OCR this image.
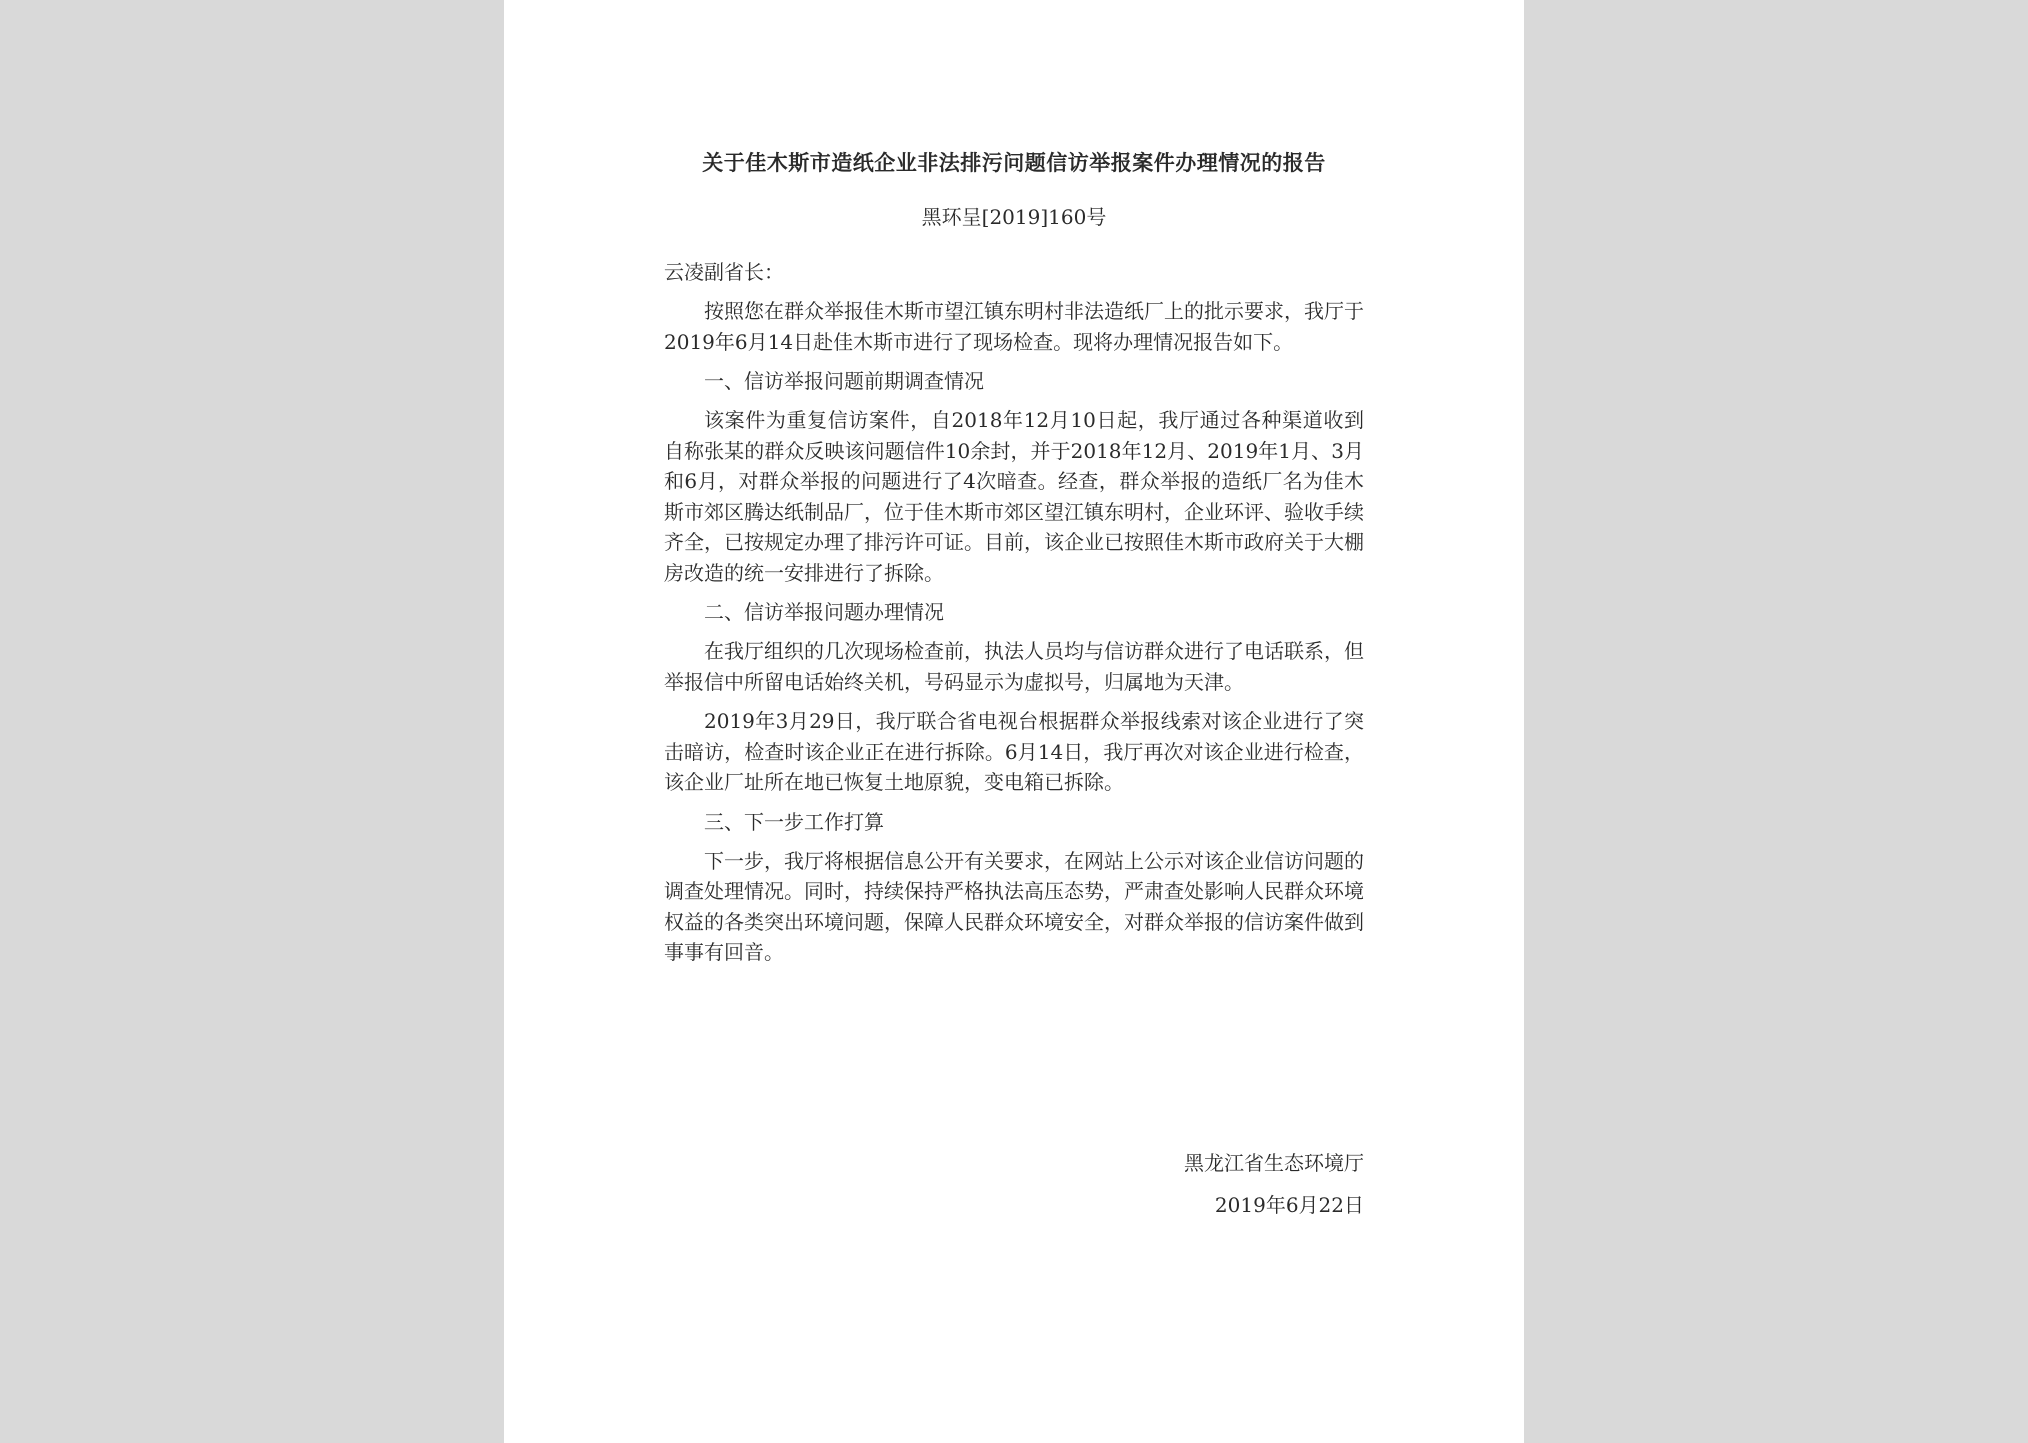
关于佳木斯市造纸企业非法排污问题信访举报案件办理情况的报告

黑环呈[2019]160号

云凌副省长：

按照您在群众举报佳木斯市望江镇东明村非法造纸厂上的批示要求，我厅于2019年6月14日赴佳木斯市进行了现场检查。现将办理情况报告如下。

一、信访举报问题前期调查情况

该案件为重复信访案件，自2018年12月10日起，我厅通过各种渠道收到自称张某的群众反映该问题信件10余封，并于2018年12月、2019年1月、3月和6月，对群众举报的问题进行了4次暗查。经查，群众举报的造纸厂名为佳木斯市郊区腾达纸制品厂，位于佳木斯市郊区望江镇东明村，企业环评、验收手续齐全，已按规定办理了排污许可证。目前，该企业已按照佳木斯市政府关于大棚房改造的统一安排进行了拆除。

二、信访举报问题办理情况

在我厅组织的几次现场检查前，执法人员均与信访群众进行了电话联系，但举报信中所留电话始终关机，号码显示为虚拟号，归属地为天津。

2019年3月29日，我厅联合省电视台根据群众举报线索对该企业进行了突击暗访，检查时该企业正在进行拆除。6月14日，我厅再次对该企业进行检查，该企业厂址所在地已恢复土地原貌，变电箱已拆除。

三、下一步工作打算

下一步，我厅将根据信息公开有关要求，在网站上公示对该企业信访问题的调查处理情况。同时，持续保持严格执法高压态势，严肃查处影响人民群众环境权益的各类突出环境问题，保障人民群众环境安全，对群众举报的信访案件做到事事有回音。

黑龙江省生态环境厅
2019年6月22日
